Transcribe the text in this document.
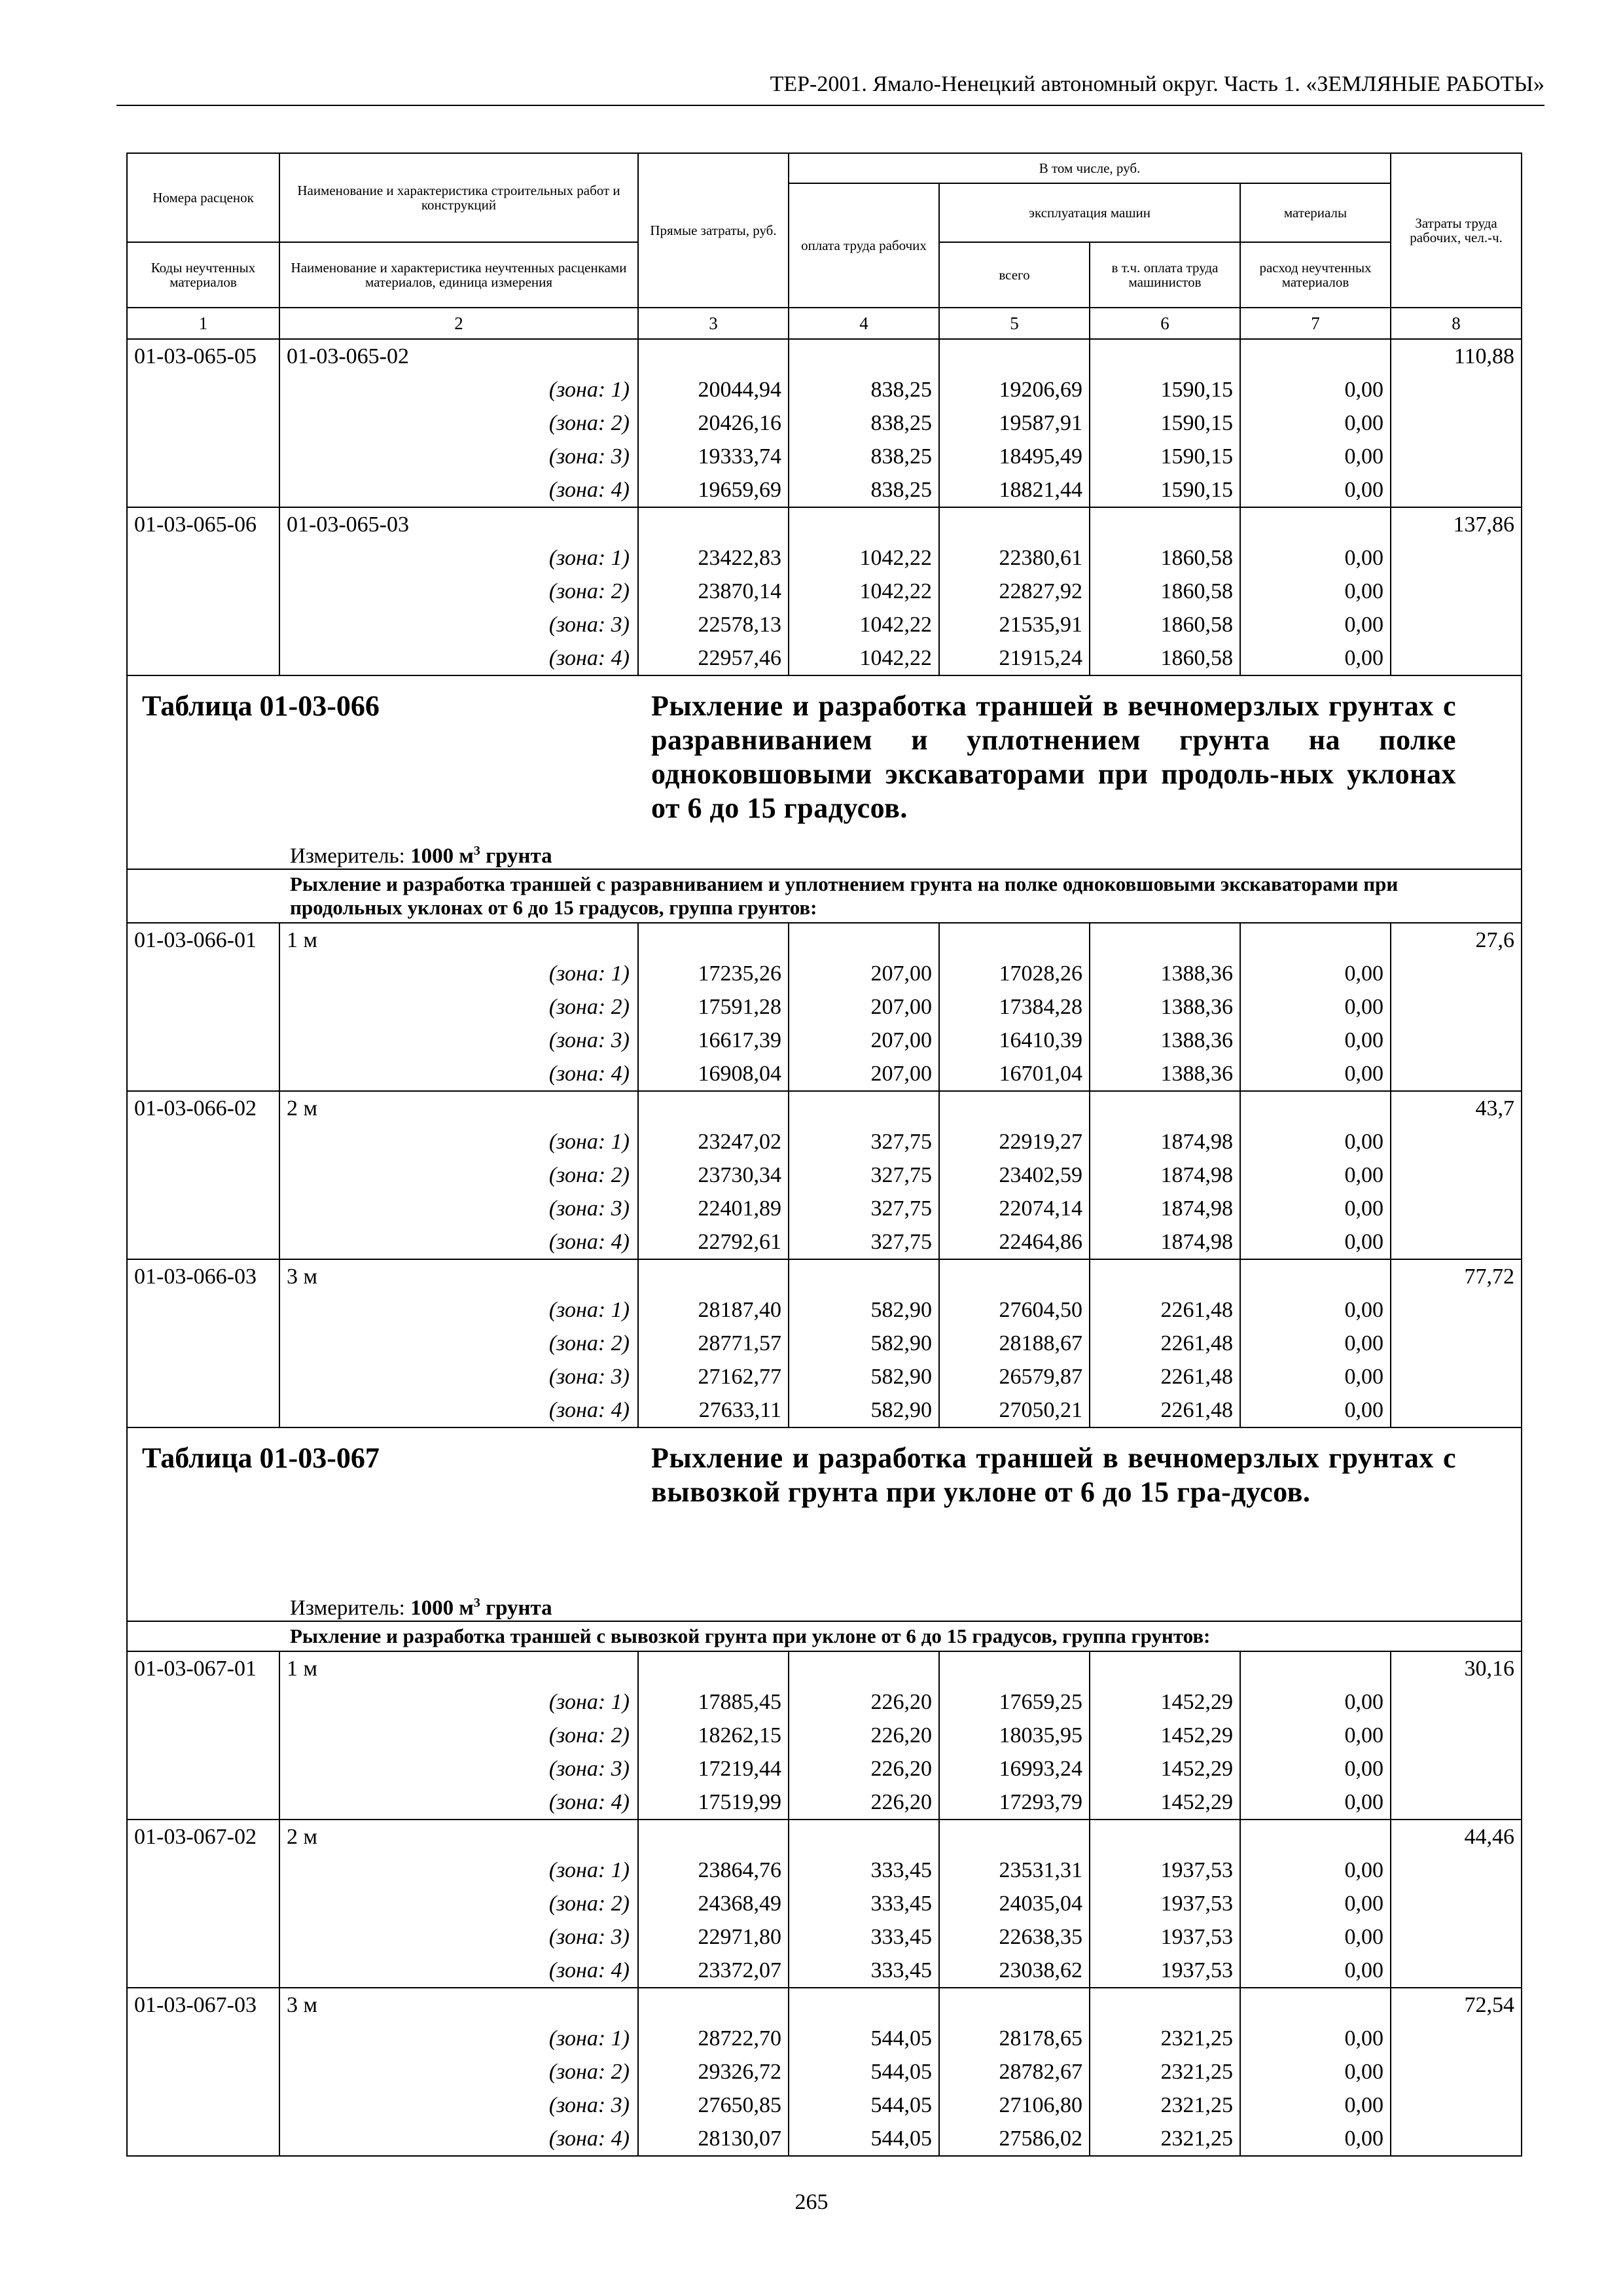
ТЕР-2001. Ямало-Ненецкий автономный округ. Часть 1. «ЗЕМЛЯНЫЕ РАБОТЫ»
Номера расценок	Наименование и характеристика строительных работ и конструкций	Прямые затраты, руб.	В том числе, руб.				Затраты труда рабочих, чел.-ч.
			оплата труда рабочих	эксплуатация машин		материалы	
Коды неучтенных материалов	Наименование и характеристика неучтенных расценками материалов, единица измерения			всего	в т.ч. оплата труда машинистов	расход неучтенных материалов	

1	2	3	4	5	6	7	8
01-03-065-05	01-03-065-02						110,88
	(зона: 1)	20044,94	838,25	19206,69	1590,15	0,00	
	(зона: 2)	20426,16	838,25	19587,91	1590,15	0,00	
	(зона: 3)	19333,74	838,25	18495,49	1590,15	0,00	
	(зона: 4)	19659,69	838,25	18821,44	1590,15	0,00	
01-03-065-06	01-03-065-03						137,86
	(зона: 1)	23422,83	1042,22	22380,61	1860,58	0,00	
	(зона: 2)	23870,14	1042,22	22827,92	1860,58	0,00	
	(зона: 3)	22578,13	1042,22	21535,91	1860,58	0,00	
	(зона: 4)	22957,46	1042,22	21915,24	1860,58	0,00	

Таблица 01-03-066 Рыхление и разработка траншей в вечномерзлых грунтах с разравниванием и уплотнением грунта на полке одноковшовыми экскаваторами при продоль-ных уклонах от 6 до 15 градусов.
Измеритель: 1000 $м^3$ грунта							

Рыхление и разработка траншей с разравниванием и уплотнением грунта на полке одноковшовыми экскаваторами при продольных уклонах от 6 до 15 градусов, группа грунтов:							
01-03-066-01	1 м						27,6
	(зона: 1)	17235,26	207,00	17028,26	1388,36	0,00	
	(зона: 2)	17591,28	207,00	17384,28	1388,36	0,00	
	(зона: 3)	16617,39	207,00	16410,39	1388,36	0,00	
	(зона: 4)	16908,04	207,00	16701,04	1388,36	0,00	
01-03-066-02	2 м						43,7
	(зона: 1)	23247,02	327,75	22919,27	1874,98	0,00	
	(зона: 2)	23730,34	327,75	23402,59	1874,98	0,00	
	(зона: 3)	22401,89	327,75	22074,14	1874,98	0,00	
	(зона: 4)	22792,61	327,75	22464,86	1874,98	0,00	
01-03-066-03	3 м						77,72
	(зона: 1)	28187,40	582,90	27604,50	2261,48	0,00	
	(зона: 2)	28771,57	582,90	28188,67	2261,48	0,00	
	(зона: 3)	27162,77	582,90	26579,87	2261,48	0,00	
	(зона: 4)	27633,11	582,90	27050,21	2261,48	0,00	

Таблица 01-03-067 Рыхление и разработка траншей в вечномерзлых грунтах с вывозкой грунта при уклоне от 6 до 15 гра-дусов.
Измеритель: 1000 $м^3$ грунта							

Рыхление и разработка траншей с вывозкой грунта при уклоне от 6 до 15 градусов, группа грунтов:							
01-03-067-01	1 м						30,16
	(зона: 1)	17885,45	226,20	17659,25	1452,29	0,00	
	(зона: 2)	18262,15	226,20	18035,95	1452,29	0,00	
	(зона: 3)	17219,44	226,20	16993,24	1452,29	0,00	
	(зона: 4)	17519,99	226,20	17293,79	1452,29	0,00	
01-03-067-02	2 м						44,46
	(зона: 1)	23864,76	333,45	23531,31	1937,53	0,00	
	(зона: 2)	24368,49	333,45	24035,04	1937,53	0,00	
	(зона: 3)	22971,80	333,45	22638,35	1937,53	0,00	
	(зона: 4)	23372,07	333,45	23038,62	1937,53	0,00	
01-03-067-03	3 м						72,54
	(зона: 1)	28722,70	544,05	28178,65	2321,25	0,00	
	(зона: 2)	29326,72	544,05	28782,67	2321,25	0,00	
	(зона: 3)	27650,85	544,05	27106,80	2321,25	0,00	
	(зона: 4)	28130,07	544,05	27586,02	2321,25	0,00	
265
